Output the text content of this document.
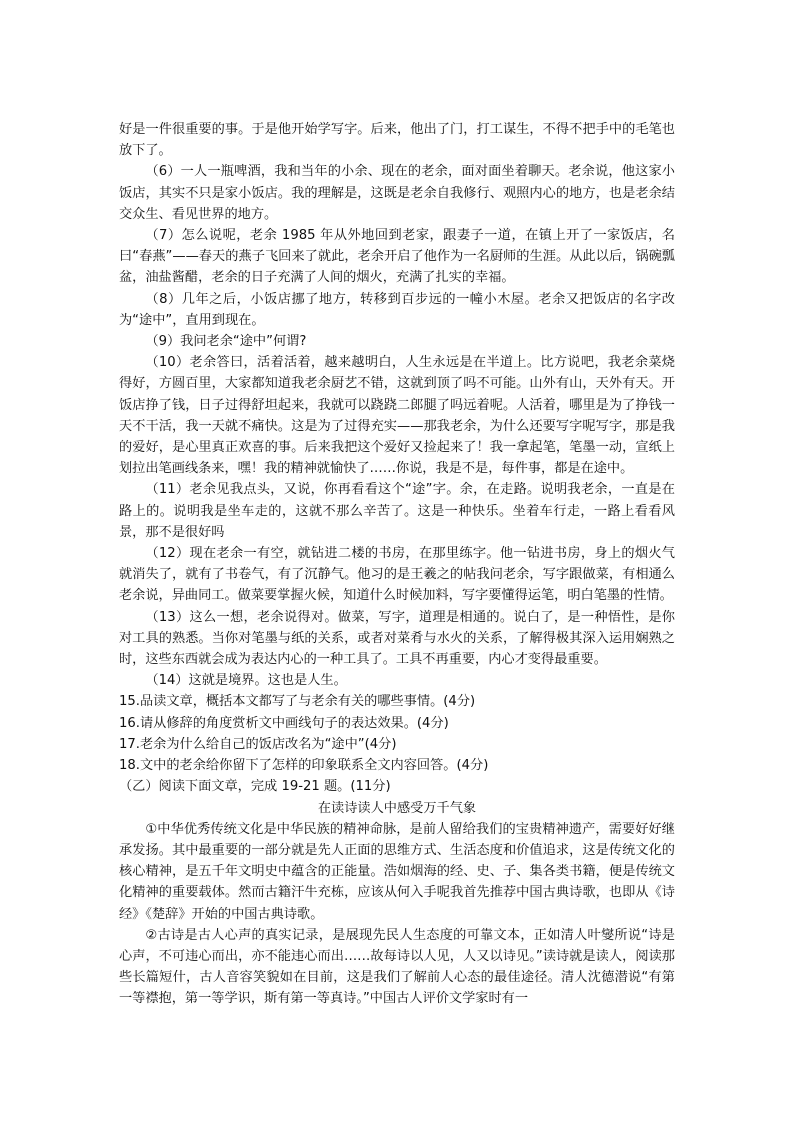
好是一件很重要的事。于是他开始学写字。后来，他出了门，打工谋生，不得不把手中的毛笔也放下了。

（6）一人一瓶啤酒，我和当年的小余、现在的老余，面对面坐着聊天。老余说，他这家小饭店，其实不只是家小饭店。我的理解是，这既是老余自我修行、观照内心的地方，也是老余结交众生、看见世界的地方。

（7）怎么说呢，老余 1985 年从外地回到老家，跟妻子一道，在镇上开了一家饭店，名曰“春燕”——春天的燕子飞回来了就此，老余开启了他作为一名厨师的生涯。从此以后，锅碗瓢盆，油盐酱醋，老余的日子充满了人间的烟火，充满了扎实的幸福。

（8）几年之后，小饭店挪了地方，转移到百步远的一幢小木屋。老余又把饭店的名字改为“途中”，直用到现在。

（9）我问老余“途中”何谓?

（10）老余答曰，活着活着，越来越明白，人生永远是在半道上。比方说吧，我老余菜烧得好，方圆百里，大家都知道我老余厨艺不错，这就到顶了吗不可能。山外有山，天外有天。开饭店挣了钱，日子过得舒坦起来，我就可以跷跷二郎腿了吗远着呢。人活着，哪里是为了挣钱一天不干活，我一天就不痛快。这是为了过得充实——那我老余，为什么还要写字呢写字，那是我的爱好，是心里真正欢喜的事。后来我把这个爱好又捡起来了！我一拿起笔，笔墨一动，宣纸上划拉出笔画线条来，嘿！我的精神就愉快了……你说，我是不是，每件事，都是在途中。

（11）老余见我点头，又说，你再看看这个“途”字。余，在走路。说明我老余，一直是在路上的。说明我是坐车走的，这就不那么辛苦了。这是一种快乐。坐着车行走，一路上看看风景，那不是很好吗

（12）现在老余一有空，就钻进二楼的书房，在那里练字。他一钻进书房，身上的烟火气就消失了，就有了书卷气，有了沉静气。他习的是王羲之的帖我问老余，写字跟做菜，有相通么老余说，异曲同工。做菜要掌握火候，知道什么时候加料，写字要懂得运笔，明白笔墨的性情。

（13）这么一想，老余说得对。做菜，写字，道理是相通的。说白了，是一种悟性，是你对工具的熟悉。当你对笔墨与纸的关系，或者对菜肴与水火的关系，了解得极其深入运用娴熟之时，这些东西就会成为表达内心的一种工具了。工具不再重要，内心才变得最重要。

（14）这就是境界。这也是人生。

15.品读文章，概括本文都写了与老余有关的哪些事情。(4分)

16.请从修辞的角度赏析文中画线句子的表达效果。(4分)

17.老余为什么给自己的饭店改名为“途中”(4分)

18.文中的老余给你留下了怎样的印象联系全文内容回答。(4分)

（乙）阅读下面文章，完成 19-21 题。(11分)

在读诗读人中感受万千气象

①中华优秀传统文化是中华民族的精神命脉，是前人留给我们的宝贵精神遗产，需要好好继承发扬。其中最重要的一部分就是先人正面的思维方式、生活态度和价值追求，这是传统文化的核心精神，是五千年文明史中蕴含的正能量。浩如烟海的经、史、子、集各类书籍，便是传统文化精神的重要载体。然而古籍汗牛充栋，应该从何入手呢我首先推荐中国古典诗歌，也即从《诗经》《楚辞》开始的中国古典诗歌。

②古诗是古人心声的真实记录，是展现先民人生态度的可靠文本，正如清人叶燮所说“诗是心声，不可违心而出，亦不能违心而出……故每诗以人见，人又以诗见。”读诗就是读人，阅读那些长篇短什，古人音容笑貌如在目前，这是我们了解前人心态的最佳途径。清人沈德潜说“有第一等襟抱，第一等学识，斯有第一等真诗。”中国古人评价文学家时有一
